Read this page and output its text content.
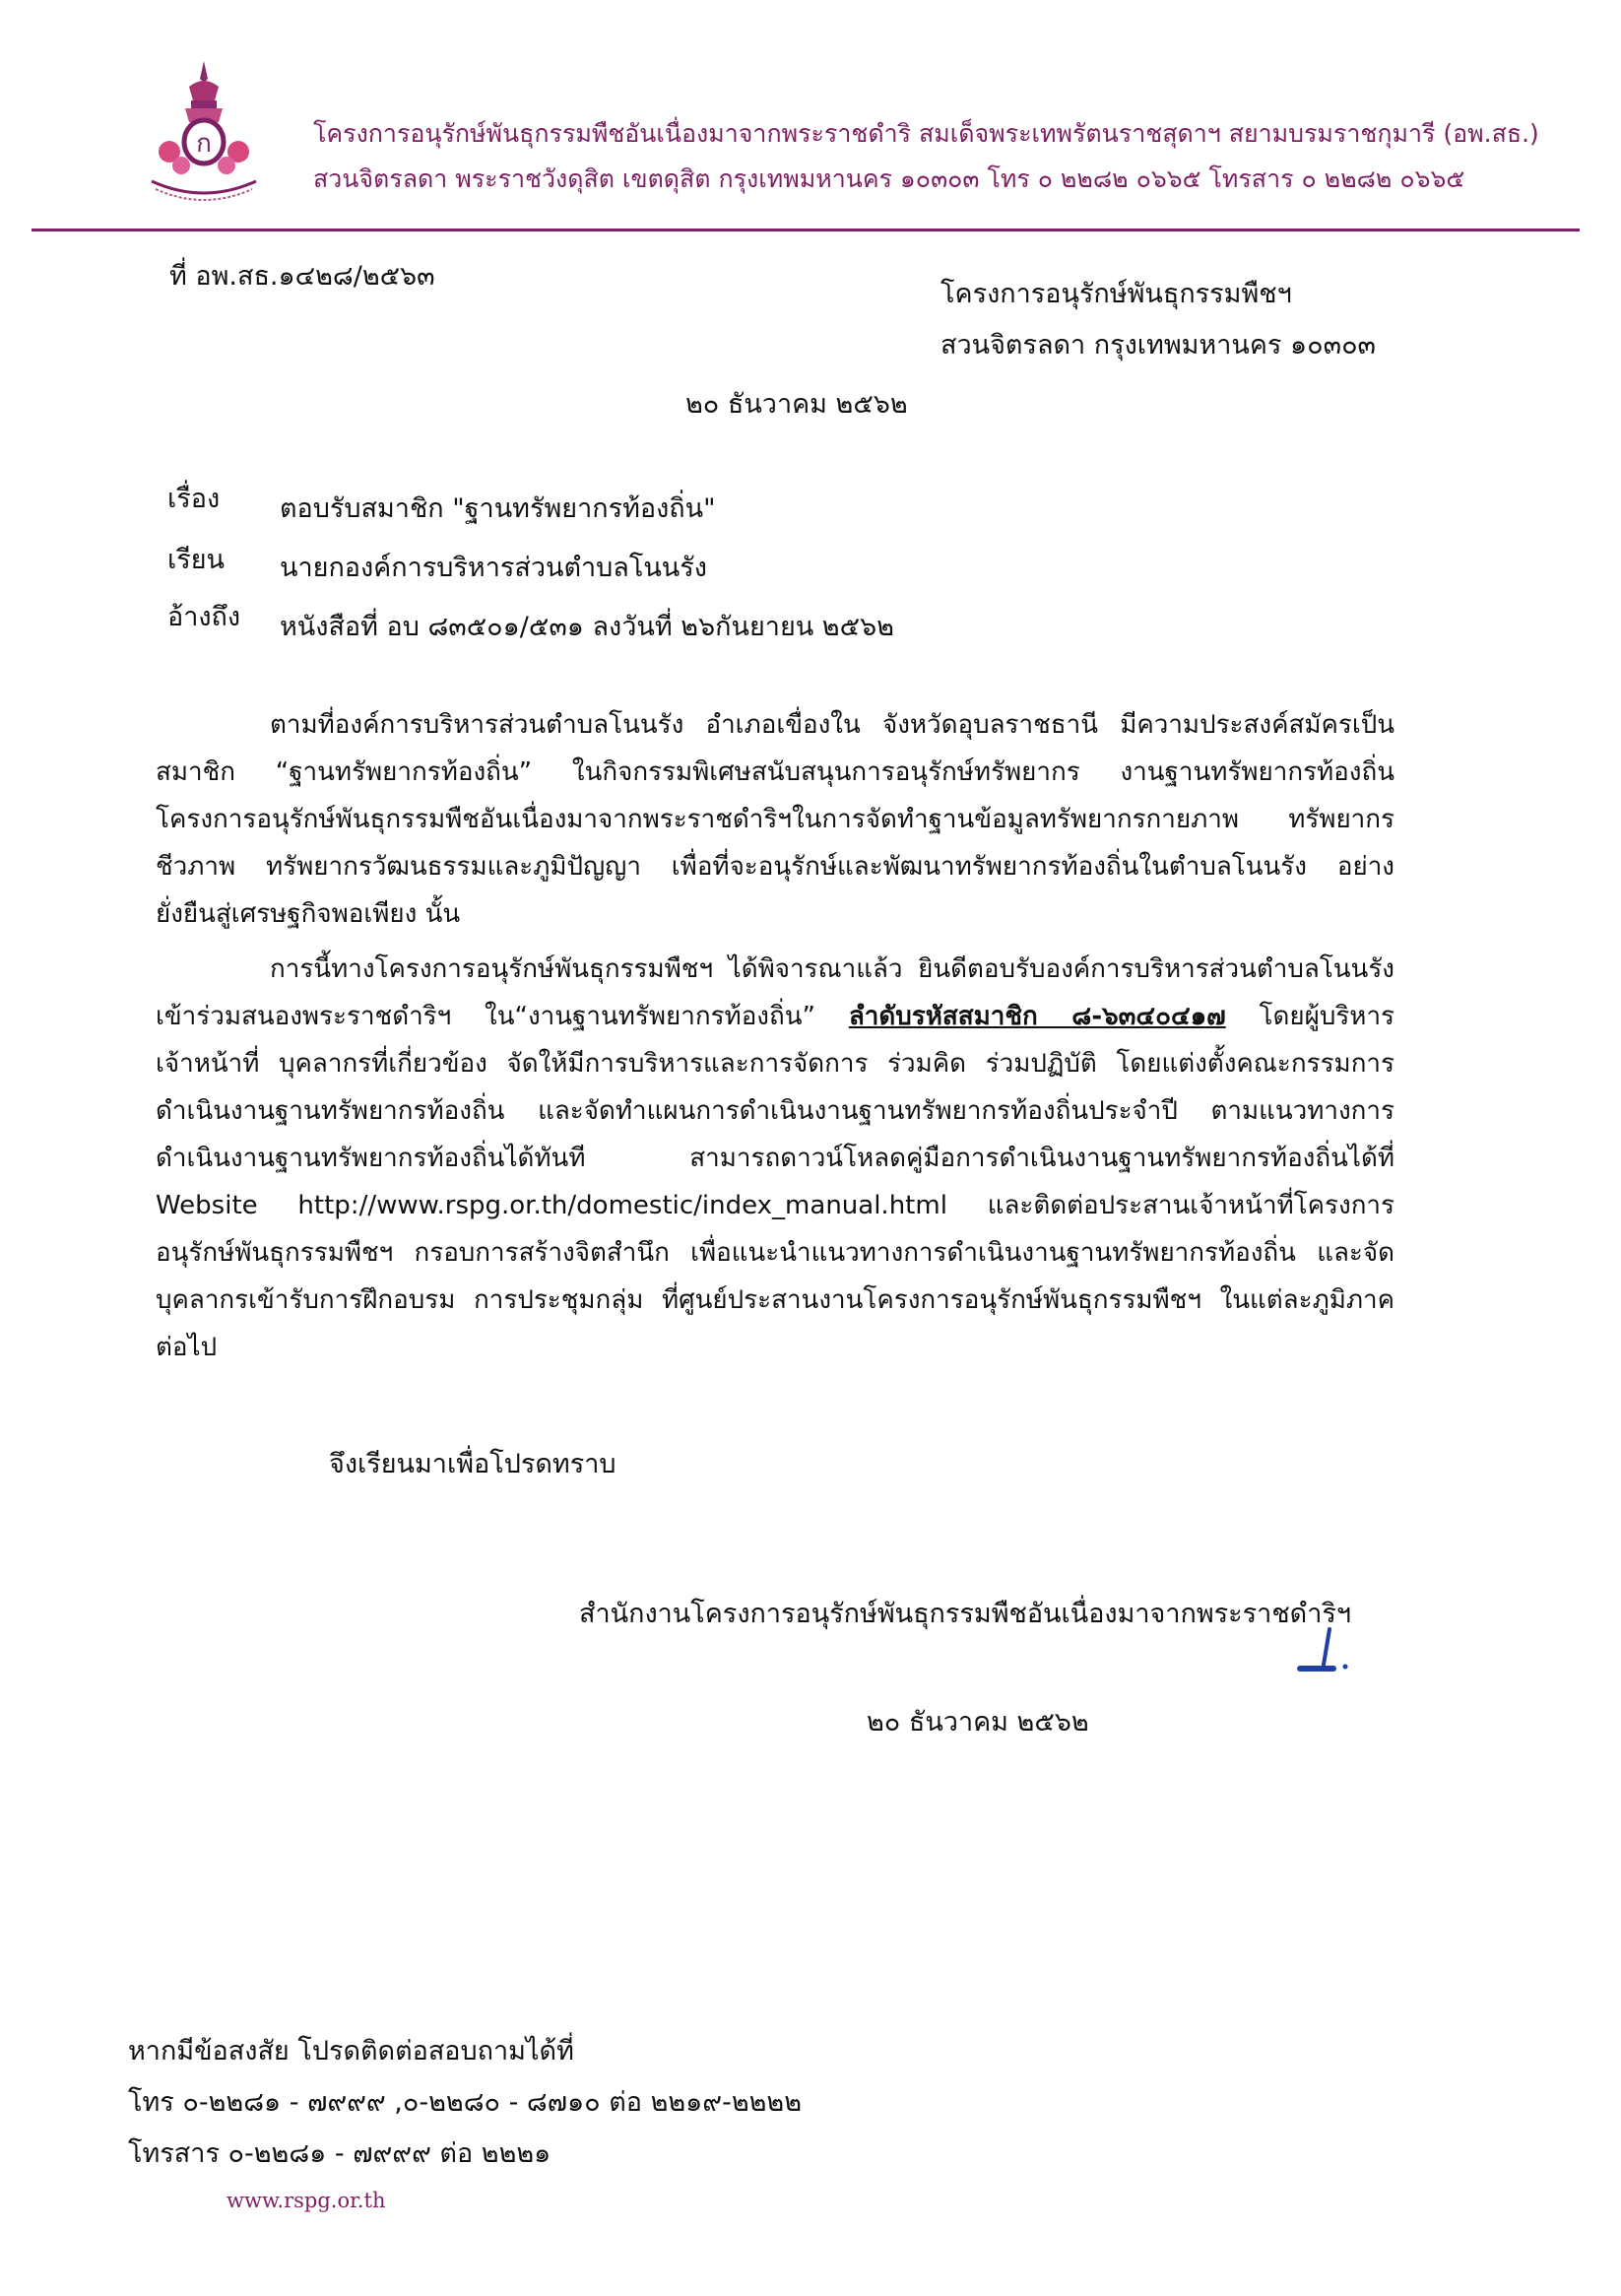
ก	โครงการอนุรักษ์พันธุกรรมพืชอันเนื่องมาจากพระราชดำริ สมเด็จพระเทพรัตนราชสุดาฯ สยามบรมราชกุมารี (อพ.สธ.)
สวนจิตรลดา พระราชวังดุสิต เขตดุสิต กรุงเทพมหานคร ๑๐๓๐๓ โทร ๐ ๒๒๘๒ ๐๖๖๕ โทรสาร ๐ ๒๒๘๒ ๐๖๖๕
ที่ อพ.สธ.๑๔๒๘/๒๕๖๓
โครงการอนุรักษ์พันธุกรรมพืชฯ
สวนจิตรลดา กรุงเทพมหานคร ๑๐๓๐๓
๒๐ ธันวาคม ๒๕๖๒
เรื่อง ตอบรับสมาชิก "ฐานทรัพยากรท้องถิ่น"
เรียน นายกองค์การบริหารส่วนตำบลโนนรัง
อ้างถึง หนังสือที่ อบ ๘๓๕๐๑/๕๓๑ ลงวันที่ ๒๖กันยายน ๒๕๖๒
ตามที่องค์การบริหารส่วนตำบลโนนรัง อำเภอเขื่องใน จังหวัดอุบลราชธานี มีความประสงค์สมัครเป็น
สมาชิก “ฐานทรัพยากรท้องถิ่น” ในกิจกรรมพิเศษสนับสนุนการอนุรักษ์ทรัพยากร งานฐานทรัพยากรท้องถิ่น
โครงการอนุรักษ์พันธุกรรมพืชอันเนื่องมาจากพระราชดำริฯในการจัดทำฐานข้อมูลทรัพยากรกายภาพ ทรัพยากร
ชีวภาพ ทรัพยากรวัฒนธรรมและภูมิปัญญา เพื่อที่จะอนุรักษ์และพัฒนาทรัพยากรท้องถิ่นในตำบลโนนรัง อย่าง
ยั่งยืนสู่เศรษฐกิจพอเพียง นั้น
การนี้ทางโครงการอนุรักษ์พันธุกรรมพืชฯ ได้พิจารณาแล้ว ยินดีตอบรับองค์การบริหารส่วนตำบลโนนรัง
เข้าร่วมสนองพระราชดำริฯ ใน“งานฐานทรัพยากรท้องถิ่น” ลำดับรหัสสมาชิก ๘-๖๓๔๐๔๑๗ โดยผู้บริหาร
เจ้าหน้าที่ บุคลากรที่เกี่ยวข้อง จัดให้มีการบริหารและการจัดการ ร่วมคิด ร่วมปฏิบัติ โดยแต่งตั้งคณะกรรมการ
ดำเนินงานฐานทรัพยากรท้องถิ่น และจัดทำแผนการดำเนินงานฐานทรัพยากรท้องถิ่นประจำปี ตามแนวทางการ
ดำเนินงานฐานทรัพยากรท้องถิ่นได้ทันที สามารถดาวน์โหลดคู่มือการดำเนินงานฐานทรัพยากรท้องถิ่นได้ที่
Website http://www.rspg.or.th/domestic/index_manual.html และติดต่อประสานเจ้าหน้าที่โครงการ
อนุรักษ์พันธุกรรมพืชฯ กรอบการสร้างจิตสำนึก เพื่อแนะนำแนวทางการดำเนินงานฐานทรัพยากรท้องถิ่น และจัด
บุคลากรเข้ารับการฝึกอบรม การประชุมกลุ่ม ที่ศูนย์ประสานงานโครงการอนุรักษ์พันธุกรรมพืชฯ ในแต่ละภูมิภาค
ต่อไป
จึงเรียนมาเพื่อโปรดทราบ
สำนักงานโครงการอนุรักษ์พันธุกรรมพืชอันเนื่องมาจากพระราชดำริฯ
๒๐ ธันวาคม ๒๕๖๒
หากมีข้อสงสัย โปรดติดต่อสอบถามได้ที่
โทร ๐-๒๒๘๑ - ๗๙๙๙ ,๐-๒๒๘๐ - ๘๗๑๐ ต่อ ๒๒๑๙-๒๒๒๒
โทรสาร ๐-๒๒๘๑ - ๗๙๙๙ ต่อ ๒๒๒๑
www.rspg.or.th
